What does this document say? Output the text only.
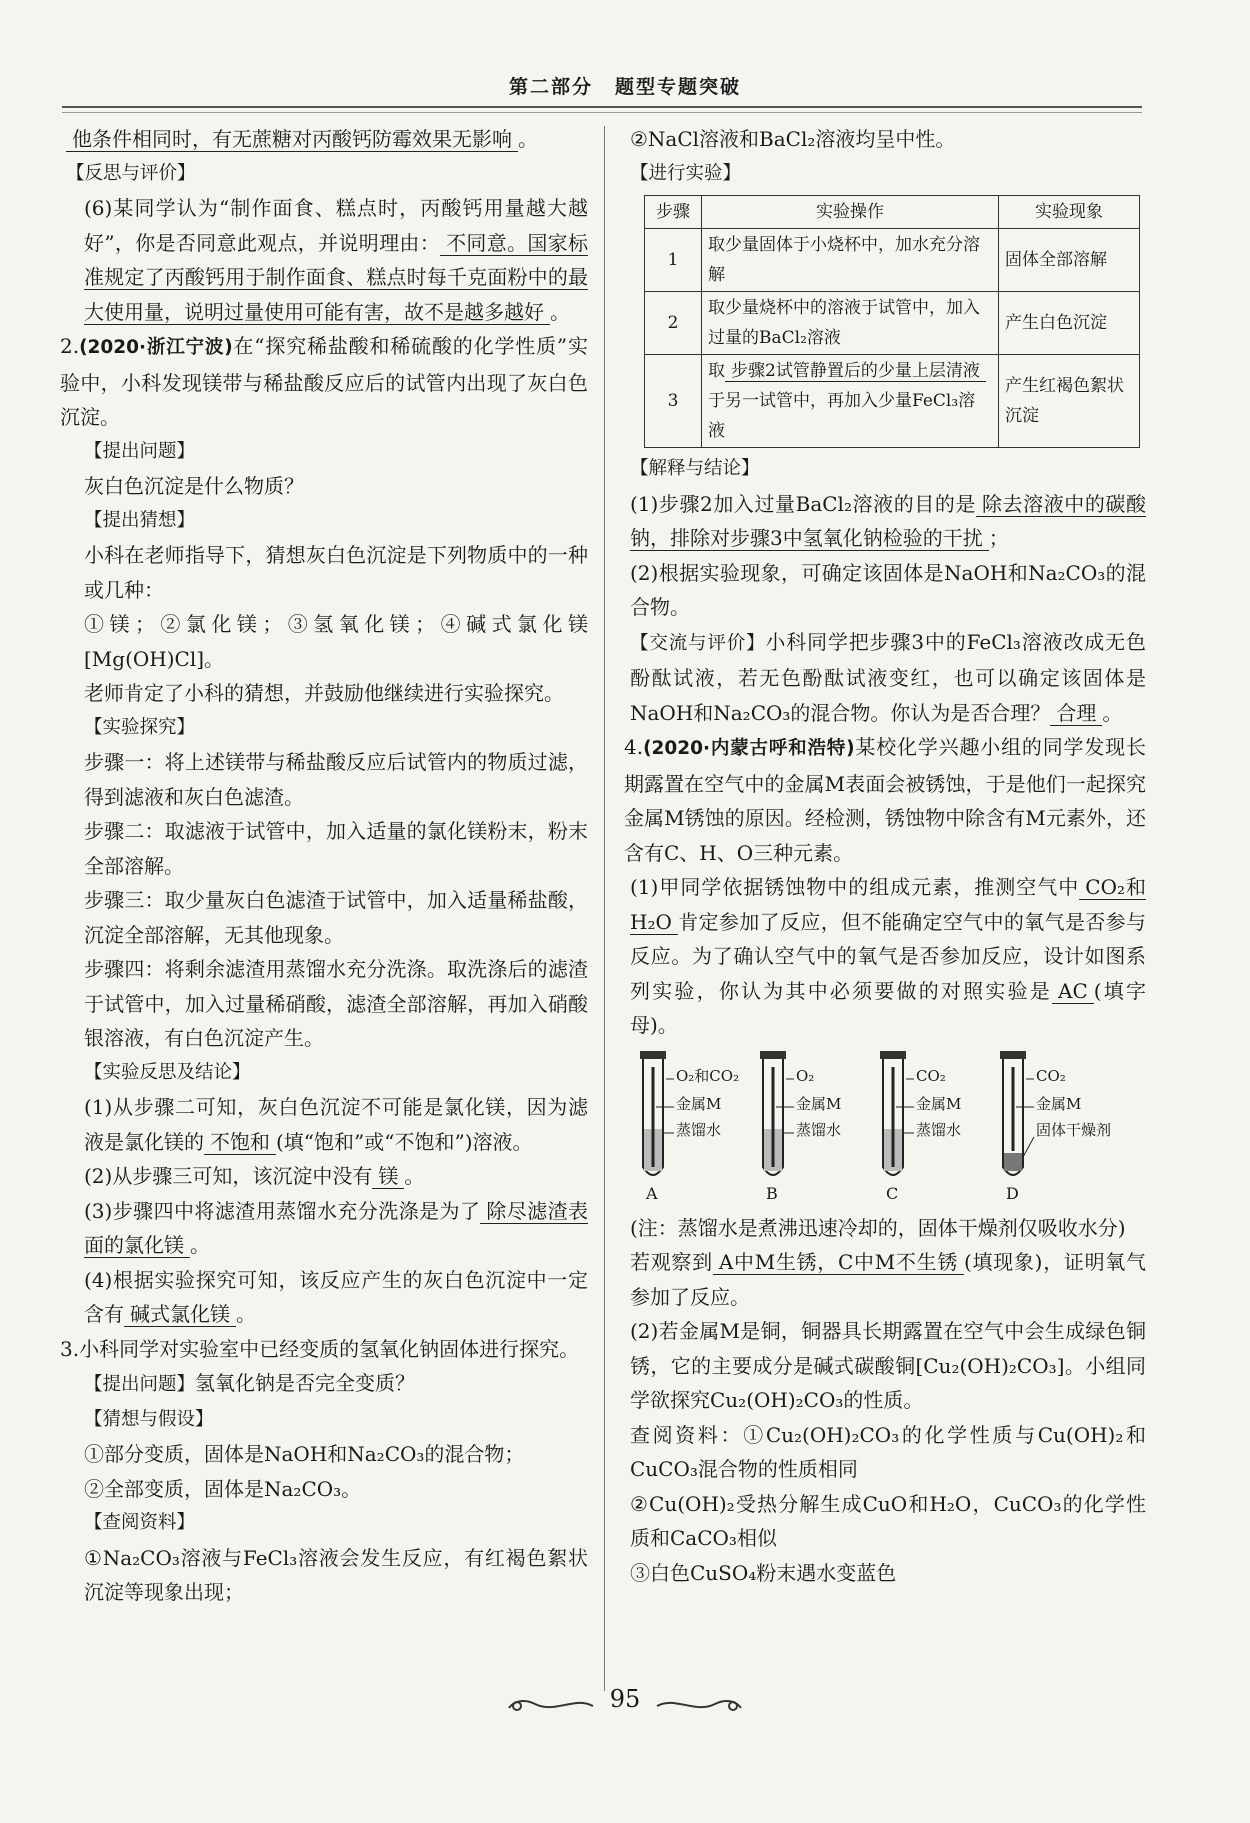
第二部分 题型专题突破

他条件相同时，有无蔗糖对丙酸钙防霉效果无影响 。

【反思与评价】

(6)某同学认为“制作面食、糕点时，丙酸钙用量越大越好”，你是否同意此观点，并说明理由： 不同意。国家标准规定了丙酸钙用于制作面食、糕点时每千克面粉中的最大使用量，说明过量使用可能有害，故不是越多越好 。

2.(2020·浙江宁波)在“探究稀盐酸和稀硫酸的化学性质”实验中，小科发现镁带与稀盐酸反应后的试管内出现了灰白色沉淀。

【提出问题】

灰白色沉淀是什么物质？

【提出猜想】

小科在老师指导下，猜想灰白色沉淀是下列物质中的一种或几种：

①镁；②氯化镁；③氢氧化镁；④碱式氯化镁[Mg(OH)Cl]。

老师肯定了小科的猜想，并鼓励他继续进行实验探究。

【实验探究】

步骤一：将上述镁带与稀盐酸反应后试管内的物质过滤，得到滤液和灰白色滤渣。

步骤二：取滤液于试管中，加入适量的氯化镁粉末，粉末全部溶解。

步骤三：取少量灰白色滤渣于试管中，加入适量稀盐酸，沉淀全部溶解，无其他现象。

步骤四：将剩余滤渣用蒸馏水充分洗涤。取洗涤后的滤渣于试管中，加入过量稀硝酸，滤渣全部溶解，再加入硝酸银溶液，有白色沉淀产生。

【实验反思及结论】

(1)从步骤二可知，灰白色沉淀不可能是氯化镁，因为滤液是氯化镁的 不饱和 (填“饱和”或“不饱和”)溶液。

(2)从步骤三可知，该沉淀中没有 镁 。

(3)步骤四中将滤渣用蒸馏水充分洗涤是为了 除尽滤渣表面的氯化镁 。

(4)根据实验探究可知，该反应产生的灰白色沉淀中一定含有 碱式氯化镁 。

3.小科同学对实验室中已经变质的氢氧化钠固体进行探究。

【提出问题】氢氧化钠是否完全变质？

【猜想与假设】

①部分变质，固体是NaOH和Na₂CO₃的混合物；

②全部变质，固体是Na₂CO₃。

【查阅资料】

①Na₂CO₃溶液与FeCl₃溶液会发生反应，有红褐色絮状沉淀等现象出现；

②NaCl溶液和BaCl₂溶液均呈中性。

【进行实验】

步骤	实验操作	实验现象
1	取少量固体于小烧杯中，加水充分溶解	固体全部溶解
2	取少量烧杯中的溶液于试管中，加入过量的BaCl₂溶液	产生白色沉淀
3	取 步骤2试管静置后的少量上层清液于另一试管中，再加入少量FeCl₃溶液	产生红褐色絮状沉淀

【解释与结论】

(1)步骤2加入过量BaCl₂溶液的目的是 除去溶液中的碳酸钠，排除对步骤3中氢氧化钠检验的干扰 ；

(2)根据实验现象，可确定该固体是NaOH和Na₂CO₃的混合物。

【交流与评价】小科同学把步骤3中的FeCl₃溶液改成无色酚酞试液，若无色酚酞试液变红，也可以确定该固体是NaOH和Na₂CO₃的混合物。你认为是否合理？ 合理 。

4.(2020·内蒙古呼和浩特)某校化学兴趣小组的同学发现长期露置在空气中的金属M表面会被锈蚀，于是他们一起探究金属M锈蚀的原因。经检测，锈蚀物中除含有M元素外，还含有C、H、O三种元素。

(1)甲同学依据锈蚀物中的组成元素，推测空气中 CO₂和H₂O 肯定参加了反应，但不能确定空气中的氧气是否参与反应。为了确认空气中的氧气是否参加反应，设计如图系列实验，你认为其中必须要做的对照实验是 AC (填字母)。

O₂和CO₂
金属M
蒸馏水
A
O₂
金属M
蒸馏水
B
CO₂
金属M
蒸馏水
C
CO₂
金属M
固体干燥剂
D

(注：蒸馏水是煮沸迅速冷却的，固体干燥剂仅吸收水分)

若观察到 A中M生锈，C中M不生锈 (填现象)，证明氧气参加了反应。

(2)若金属M是铜，铜器具长期露置在空气中会生成绿色铜锈，它的主要成分是碱式碳酸铜[Cu₂(OH)₂CO₃]。小组同学欲探究Cu₂(OH)₂CO₃的性质。

查阅资料：①Cu₂(OH)₂CO₃的化学性质与Cu(OH)₂和CuCO₃混合物的性质相同

②Cu(OH)₂受热分解生成CuO和H₂O，CuCO₃的化学性质和CaCO₃相似

③白色CuSO₄粉末遇水变蓝色

95
